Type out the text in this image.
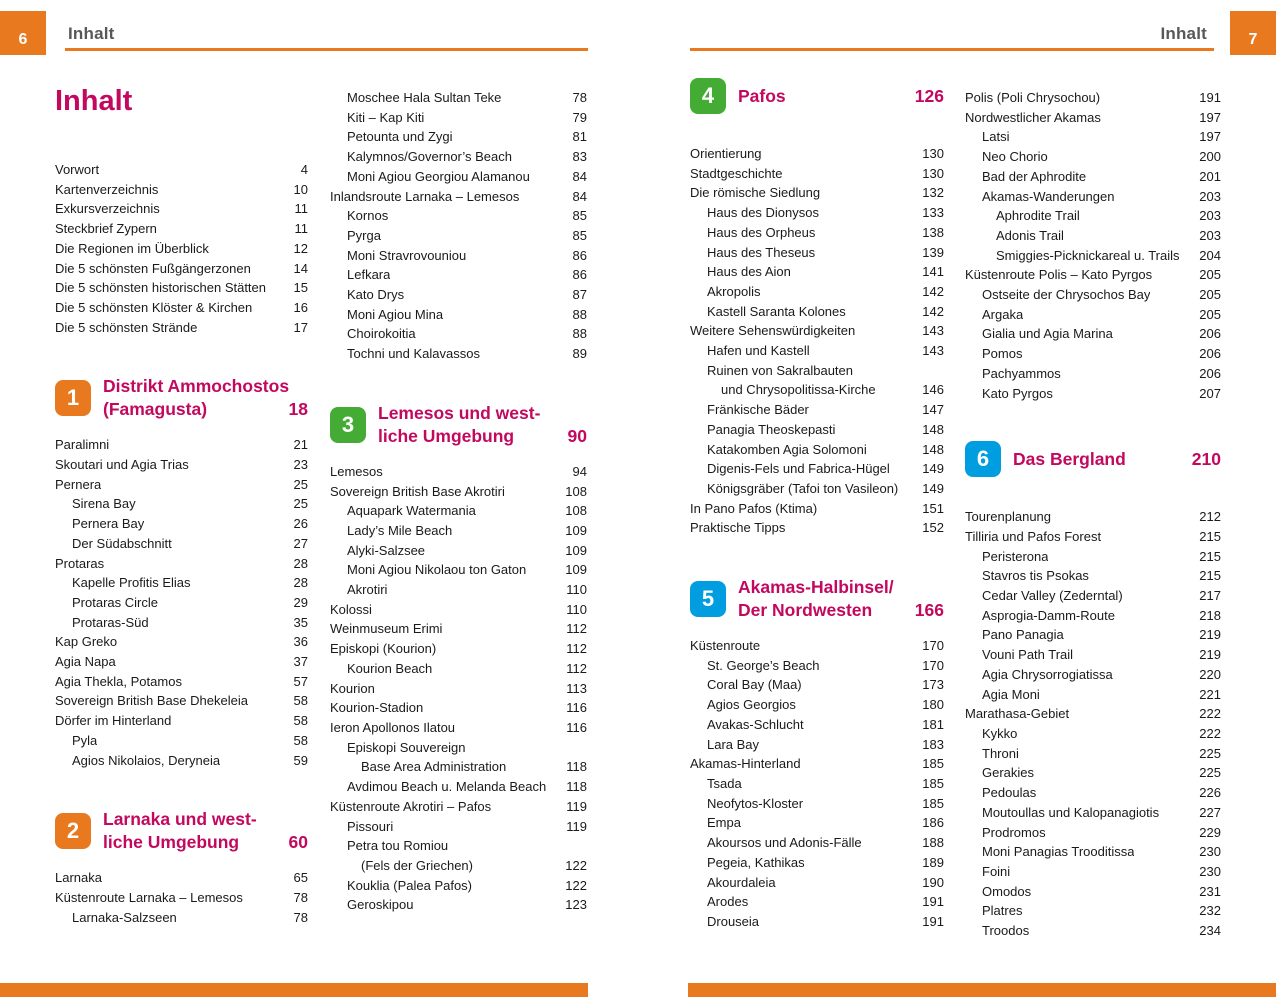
6 Inhalt	Inhalt	7
Inhalt
Vorwort	4
Kartenverzeichnis	10
Exkursverzeichnis	11
Steckbrief Zypern	11
Die Regionen im Überblick	12
Die 5 schönsten Fußgängerzonen	14
Die 5 schönsten historischen Stätten 15
Die 5 schönsten Klöster & Kirchen	16
Die 5 schönsten Strände	17
1	Distrikt Ammochostos
(Famagusta)	18
Paralimni	21
Skoutari und Agia Trias	23
Pernera	25
Sirena Bay	25
Pernera Bay	26
Der Südabschnitt	27
Protaras	28
Kapelle Profitis Elias	28
Protaras Circle	29
Protaras-Süd	35
Kap Greko	36
Agia Napa	37
Agia Thekla, Potamos	57
Sovereign British Base Dhekeleia	58
Dörfer im Hinterland	58
Pyla	58
Agios Nikolaios, Deryneia	59
2	Larnaka und west-
liche Umgebung	60
Larnaka	65
Küstenroute Larnaka – Lemesos	78
Larnaka-Salzseen	78
Moschee Hala Sultan Teke	78
Kiti – Kap Kiti	79
Petounta und Zygi	81
Kalymnos/Governor’s Beach	83
Moni Agiou Georgiou Alamanou	84
Inlandsroute Larnaka – Lemesos	84
Kornos	85
Pyrga	85
Moni Stravrovouniou	86
Lefkara	86
Kato Drys	87
Moni Agiou Mina	88
Choirokoitia	88
Tochni und Kalavassos	89
3	Lemesos und west-
liche Umgebung	90
Lemesos	94
Sovereign British Base Akrotiri	108
Aquapark Watermania	108
Lady’s Mile Beach	109
Alyki-Salzsee	109
Moni Agiou Nikolaou ton Gaton	109
Akrotiri	110
Kolossi	110
Weinmuseum Erimi	112
Episkopi (Kourion)	112
Kourion Beach	112
Kourion	113
Kourion-Stadion	116
Ieron Apollonos Ilatou	116
Episkopi Souvereign
Base Area Administration	118
Avdimou Beach u. Melanda Beach 118
Küstenroute Akrotiri – Pafos	119
Pissouri	119
Petra tou Romiou
(Fels der Griechen)	122
Kouklia (Palea Pafos)	122
Geroskipou	123
4	Pafos	126
Orientierung	130
Stadtgeschichte	130
Die römische Siedlung	132
Haus des Dionysos	133
Haus des Orpheus	138
Haus des Theseus	139
Haus des Aion	141
Akropolis	142
Kastell Saranta Kolones	142
Weitere Sehenswürdigkeiten	143
Hafen und Kastell	143
Ruinen von Sakralbauten
und Chrysopolitissa-Kirche	146
Fränkische Bäder	147
Panagia Theoskepasti	148
Katakomben Agia Solomoni	148
Digenis-Fels und Fabrica-Hügel 149
Königsgräber (Tafoi ton Vasileon) 149
In Pano Pafos (Ktima)	151
Praktische Tipps	152
5	Akamas-Halbinsel/
Der Nordwesten 166
Küstenroute	170
St. George’s Beach	170
Coral Bay (Maa)	173
Agios Georgios	180
Avakas-Schlucht	181
Lara Bay	183
Akamas-Hinterland	185
Tsada	185
Neofytos-Kloster	185
Empa	186
Akoursos und Adonis-Fälle	188
Pegeia, Kathikas	189
Akourdaleia	190
Arodes	191
Drouseia	191
Polis (Poli Chrysochou)	191
Nordwestlicher Akamas	197
Latsi	197
Neo Chorio	200
Bad der Aphrodite	201
Akamas-Wanderungen	203
Aphrodite Trail	203
Adonis Trail	203
Smiggies-Picknickareal u. Trails 204
Küstenroute Polis – Kato Pyrgos	205
Ostseite der Chrysochos Bay	205
Argaka	205
Gialia und Agia Marina	206
Pomos	206
Pachyammos	206
Kato Pyrgos	207
6	Das Bergland	210
Tourenplanung	212
Tilliria und Pafos Forest	215
Peristerona	215
Stavros tis Psokas	215
Cedar Valley (Zederntal)	217
Asprogia-Damm-Route	218
Pano Panagia	219
Vouni Path Trail	219
Agia Chrysorrogiatissa	220
Agia Moni	221
Marathasa-Gebiet	222
Kykko	222
Throni	225
Gerakies	225
Pedoulas	226
Moutoullas und Kalopanagiotis	227
Prodromos	229
Moni Panagias Trooditissa	230
Foini	230
Omodos	231
Platres	232
Troodos	234
